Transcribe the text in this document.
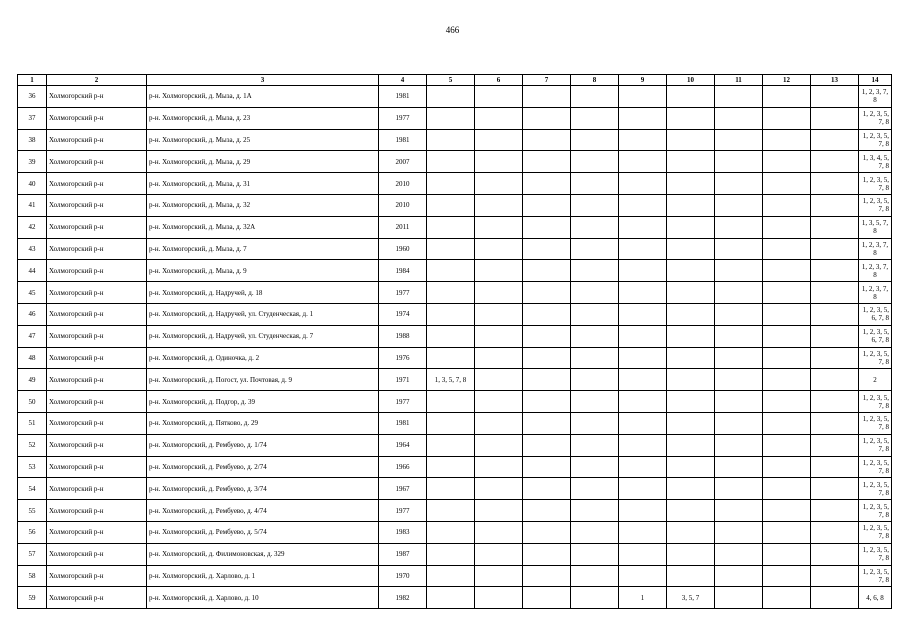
466
1	2	3	4	5	6	7	8	9	10	11	12	13	14
36	Холмогорский р-н	р-н. Холмогорский, д. Мыза, д. 1А	1981										1, 2, 3, 7, 8
37	Холмогорский р-н	р-н. Холмогорский, д. Мыза, д. 23	1977										1, 2, 3, 5, 7, 8
38	Холмогорский р-н	р-н. Холмогорский, д. Мыза, д. 25	1981										1, 2, 3, 5, 7, 8
39	Холмогорский р-н	р-н. Холмогорский, д. Мыза, д. 29	2007										1, 3, 4, 5, 7, 8
40	Холмогорский р-н	р-н. Холмогорский, д. Мыза, д. 31	2010										1, 2, 3, 5, 7, 8
41	Холмогорский р-н	р-н. Холмогорский, д. Мыза, д. 32	2010										1, 2, 3, 5, 7, 8
42	Холмогорский р-н	р-н. Холмогорский, д. Мыза, д. 32А	2011										1, 3, 5, 7, 8
43	Холмогорский р-н	р-н. Холмогорский, д. Мыза, д. 7	1960										1, 2, 3, 7, 8
44	Холмогорский р-н	р-н. Холмогорский, д. Мыза, д. 9	1984										1, 2, 3, 7, 8
45	Холмогорский р-н	р-н. Холмогорский, д. Надручей, д. 18	1977										1, 2, 3, 7, 8
46	Холмогорский р-н	р-н. Холмогорский, д. Надручей, ул. Студенческая, д. 1	1974										1, 2, 3, 5, 6, 7, 8
47	Холмогорский р-н	р-н. Холмогорский, д. Надручей, ул. Студенческая, д. 7	1988										1, 2, 3, 5, 6, 7, 8
48	Холмогорский р-н	р-н. Холмогорский, д. Одиночка, д. 2	1976										1, 2, 3, 5, 7, 8
49	Холмогорский р-н	р-н. Холмогорский, д. Погост, ул. Почтовая, д. 9	1971	1, 3, 5, 7, 8									2
50	Холмогорский р-н	р-н. Холмогорский, д. Подгор, д. 39	1977										1, 2, 3, 5, 7, 8
51	Холмогорский р-н	р-н. Холмогорский, д. Пятково, д. 29	1981										1, 2, 3, 5, 7, 8
52	Холмогорский р-н	р-н. Холмогорский, д. Рембуево, д. 1/74	1964										1, 2, 3, 5, 7, 8
53	Холмогорский р-н	р-н. Холмогорский, д. Рембуево, д. 2/74	1966										1, 2, 3, 5, 7, 8
54	Холмогорский р-н	р-н. Холмогорский, д. Рембуево, д. 3/74	1967										1, 2, 3, 5, 7, 8
55	Холмогорский р-н	р-н. Холмогорский, д. Рембуево, д. 4/74	1977										1, 2, 3, 5, 7, 8
56	Холмогорский р-н	р-н. Холмогорский, д. Рембуево, д. 5/74	1983										1, 2, 3, 5, 7, 8
57	Холмогорский р-н	р-н. Холмогорский, д. Филимоновская, д. 329	1987										1, 2, 3, 5, 7, 8
58	Холмогорский р-н	р-н. Холмогорский, д. Харлово, д. 1	1970										1, 2, 3, 5, 7, 8
59	Холмогорский р-н	р-н. Холмогорский, д. Харлово, д. 10	1982					1	3, 5, 7				4, 6, 8
